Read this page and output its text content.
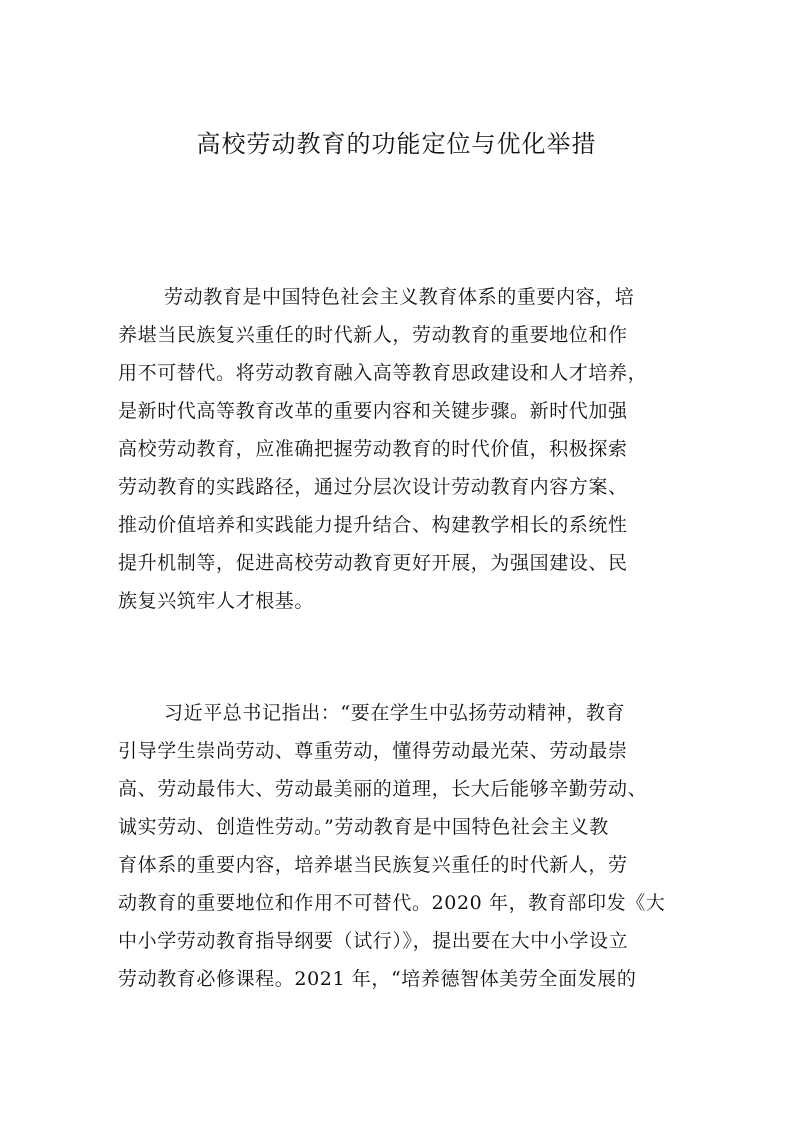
高校劳动教育的功能定位与优化举措
劳动教育是中国特色社会主义教育体系的重要内容，培
养堪当民族复兴重任的时代新人，劳动教育的重要地位和作
用不可替代。将劳动教育融入高等教育思政建设和人才培养，
是新时代高等教育改革的重要内容和关键步骤。新时代加强
高校劳动教育，应准确把握劳动教育的时代价值，积极探索
劳动教育的实践路径，通过分层次设计劳动教育内容方案、
推动价值培养和实践能力提升结合、构建教学相长的系统性
提升机制等，促进高校劳动教育更好开展，为强国建设、民
族复兴筑牢人才根基。
习近平总书记指出：“要在学生中弘扬劳动精神，教育
引导学生崇尚劳动、尊重劳动，懂得劳动最光荣、劳动最崇
高、劳动最伟大、劳动最美丽的道理，长大后能够辛勤劳动、
诚实劳动、创造性劳动。”劳动教育是中国特色社会主义教
育体系的重要内容，培养堪当民族复兴重任的时代新人，劳
动教育的重要地位和作用不可替代。2020 年，教育部印发《大
中小学劳动教育指导纲要（试行）》，提出要在大中小学设立
劳动教育必修课程。2021 年，“培养德智体美劳全面发展的
